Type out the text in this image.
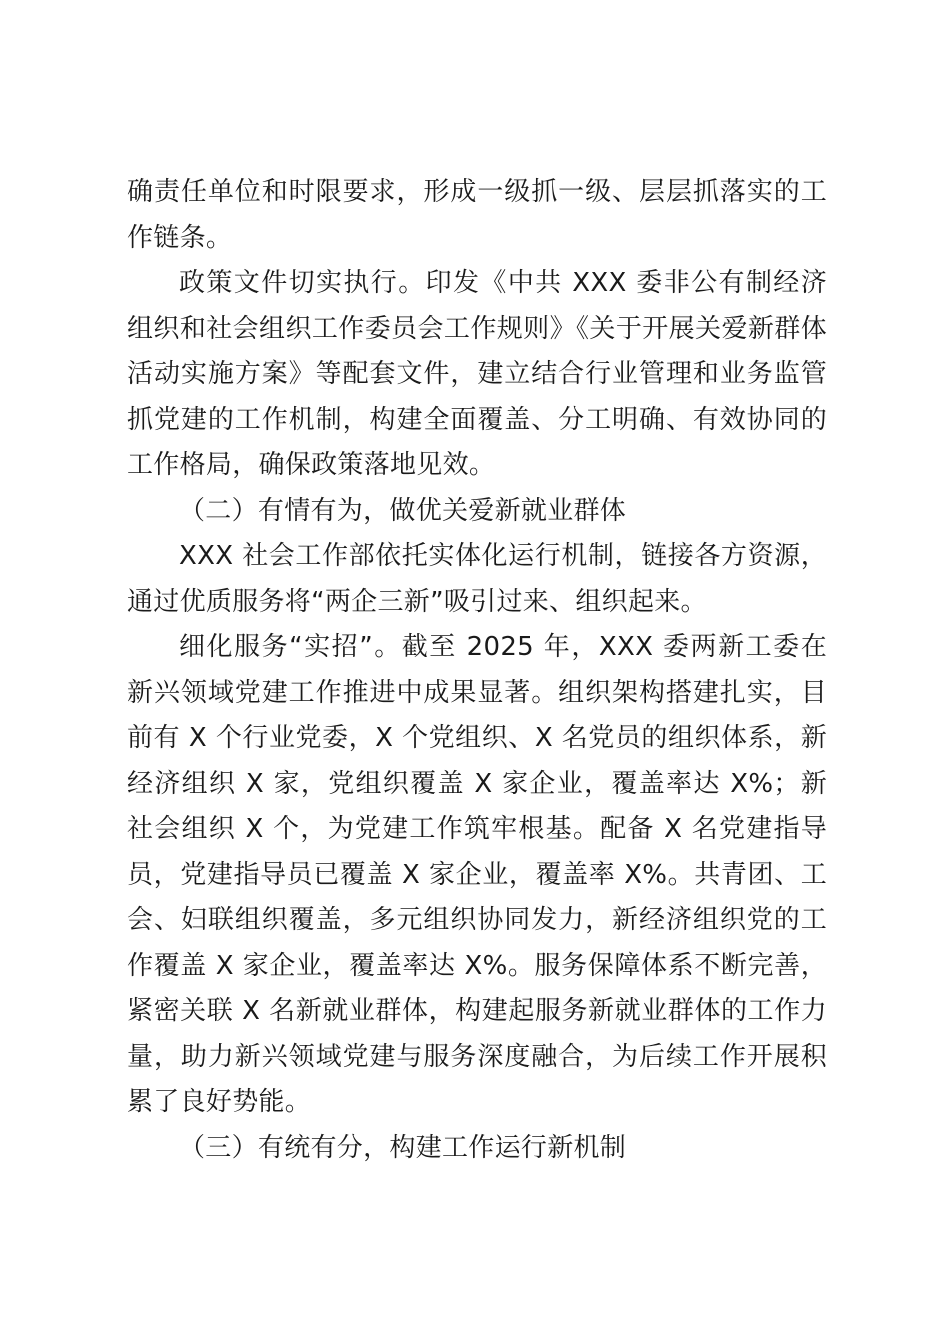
确责任单位和时限要求，形成一级抓一级、层层抓落实的工作链条。

政策文件切实执行。印发《中共 XXX 委非公有制经济组织和社会组织工作委员会工作规则》《关于开展关爱新群体活动实施方案》等配套文件，建立结合行业管理和业务监管抓党建的工作机制，构建全面覆盖、分工明确、有效协同的工作格局，确保政策落地见效。

（二）有情有为，做优关爱新就业群体

XXX 社会工作部依托实体化运行机制，链接各方资源，通过优质服务将“两企三新”吸引过来、组织起来。

细化服务“实招”。截至 2025 年，XXX 委两新工委在新兴领域党建工作推进中成果显著。组织架构搭建扎实，目前有 X 个行业党委，X 个党组织、X 名党员的组织体系，新经济组织 X 家，党组织覆盖 X 家企业，覆盖率达 X%；新社会组织 X 个，为党建工作筑牢根基。配备 X 名党建指导员，党建指导员已覆盖 X 家企业，覆盖率 X%。共青团、工会、妇联组织覆盖，多元组织协同发力，新经济组织党的工作覆盖 X 家企业，覆盖率达 X%。服务保障体系不断完善，紧密关联 X 名新就业群体，构建起服务新就业群体的工作力量，助力新兴领域党建与服务深度融合，为后续工作开展积累了良好势能。

（三）有统有分，构建工作运行新机制
